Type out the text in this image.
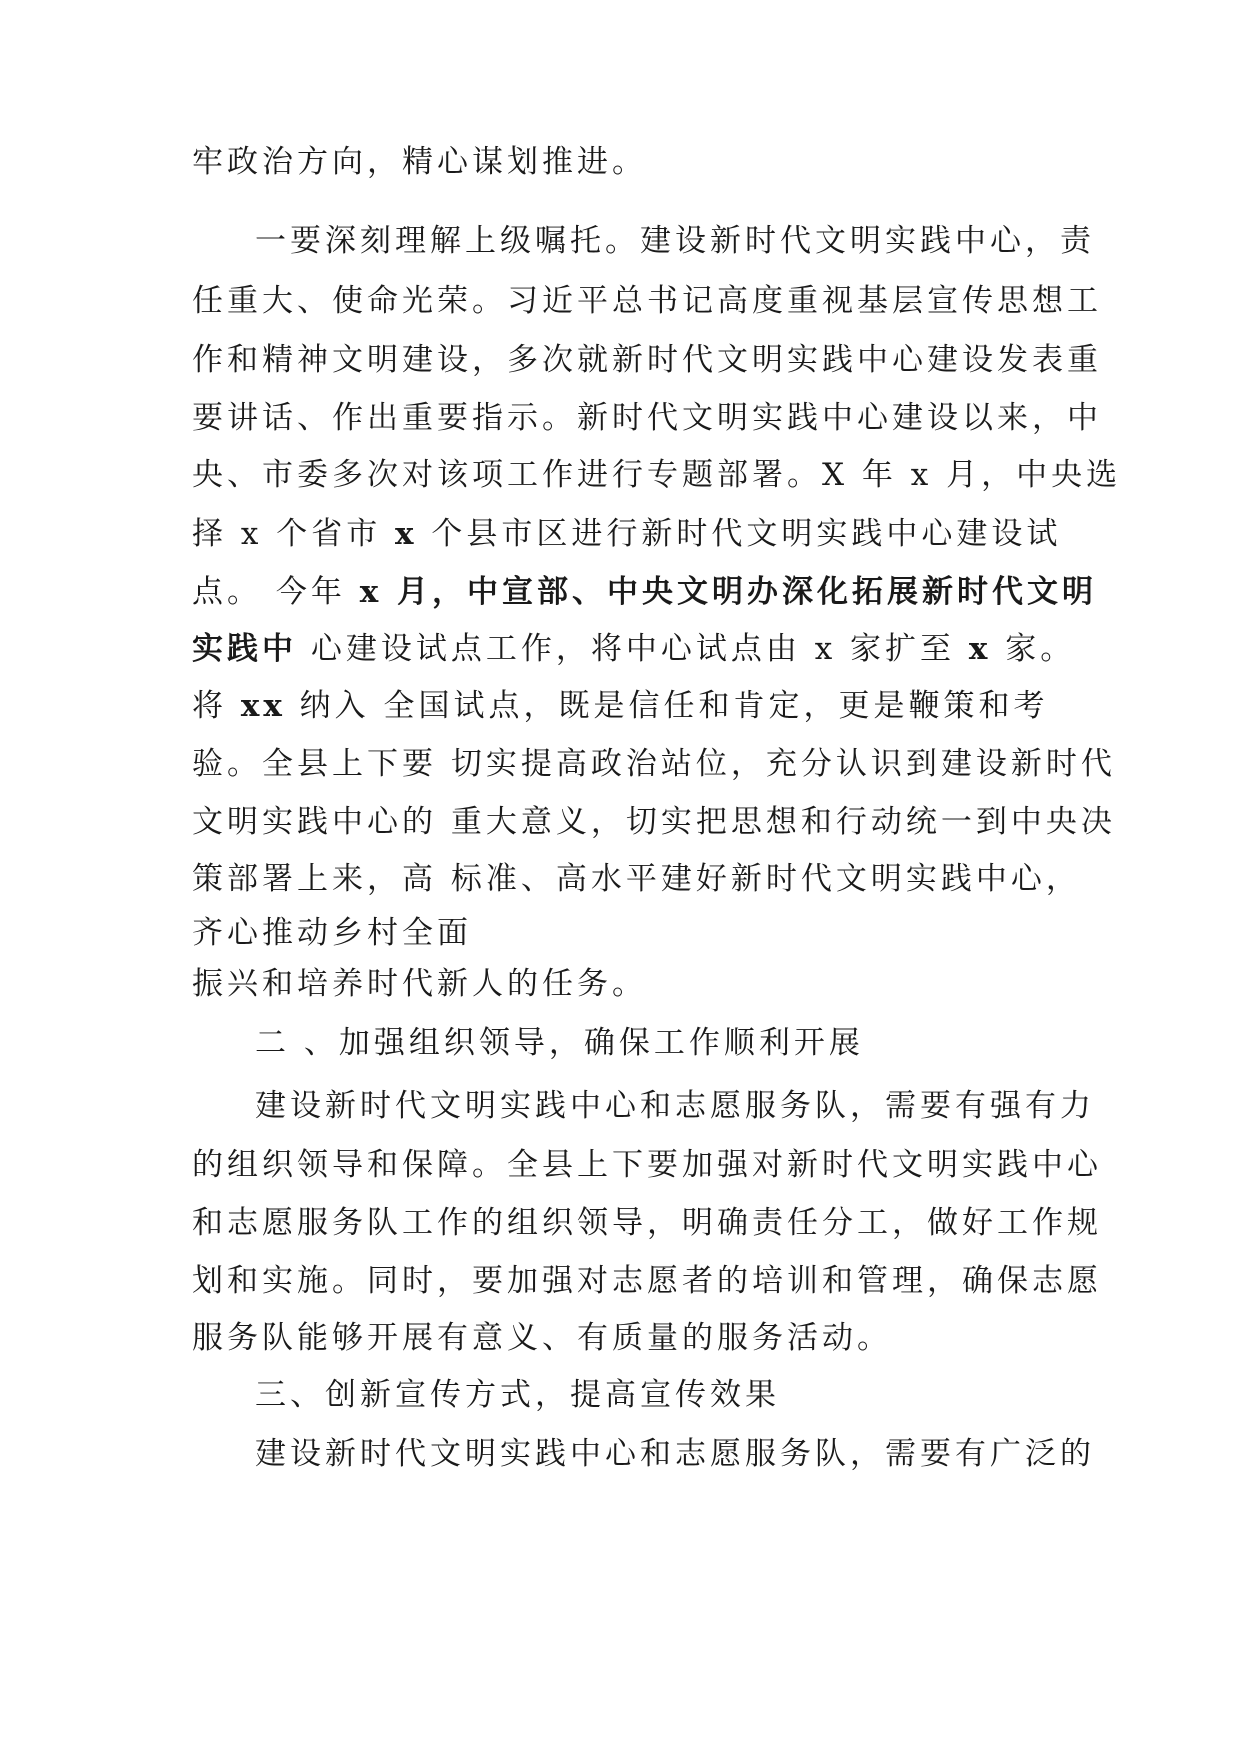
牢政治方向，精心谋划推进。
一要深刻理解上级嘱托。建设新时代文明实践中心，责
任重大、使命光荣。习近平总书记高度重视基层宣传思想工
作和精神文明建设，多次就新时代文明实践中心建设发表重
要讲话、作出重要指示。新时代文明实践中心建设以来，中
央、市委多次对该项工作进行专题部署。X 年 x 月，中央选
择 x 个省市 x 个县市区进行新时代文明实践中心建设试
点。 今年 x 月，中宣部、中央文明办深化拓展新时代文明
实践中 心建设试点工作，将中心试点由 x 家扩至 x 家。
将 xx 纳入 全国试点，既是信任和肯定，更是鞭策和考
验。全县上下要 切实提高政治站位，充分认识到建设新时代
文明实践中心的 重大意义，切实把思想和行动统一到中央决
策部署上来，高 标准、高水平建好新时代文明实践中心，
齐心推动乡村全面
振兴和培养时代新人的任务。
二 、加强组织领导，确保工作顺利开展
建设新时代文明实践中心和志愿服务队，需要有强有力
的组织领导和保障。全县上下要加强对新时代文明实践中心
和志愿服务队工作的组织领导，明确责任分工，做好工作规
划和实施。同时，要加强对志愿者的培训和管理，确保志愿
服务队能够开展有意义、有质量的服务活动。
三、创新宣传方式，提高宣传效果
建设新时代文明实践中心和志愿服务队，需要有广泛的
